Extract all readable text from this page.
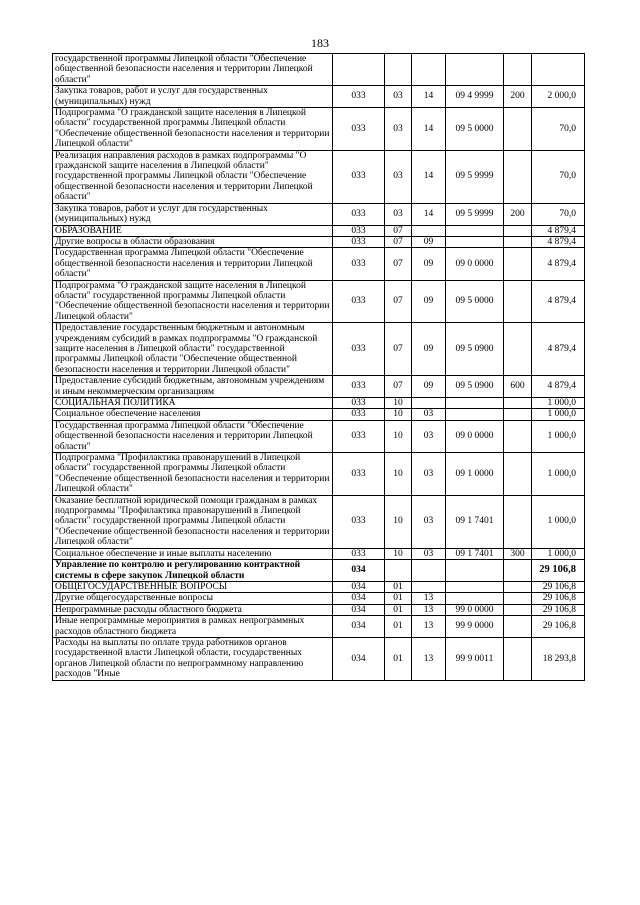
183
государственной программы Липецкой области "Обеспечение общественной безопасности населения и территории Липецкой области"						
Закупка товаров, работ и услуг для государственных (муниципальных) нужд	033	03	14	09 4 9999	200	2 000,0
Подпрограмма "О гражданской защите населения в Липецкой области" государственной программы Липецкой области "Обеспечение общественной безопасности населения и территории Липецкой области"	033	03	14	09 5 0000		70,0
Реализация направления расходов в рамках подпрограммы "О гражданской защите населения в Липецкой области" государственной программы Липецкой области "Обеспечение общественной безопасности населения и территории Липецкой области"	033	03	14	09 5 9999		70,0
Закупка товаров, работ и услуг для государственных (муниципальных) нужд	033	03	14	09 5 9999	200	70,0
ОБРАЗОВАНИЕ	033	07				4 879,4
Другие вопросы в области образования	033	07	09			4 879,4
Государственная программа Липецкой области "Обеспечение общественной безопасности населения и территории Липецкой области"	033	07	09	09 0 0000		4 879,4
Подпрограмма "О гражданской защите населения в Липецкой области" государственной программы Липецкой области "Обеспечение общественной безопасности населения и территории Липецкой области"	033	07	09	09 5 0000		4 879,4
Предоставление государственным бюджетным и автономным учреждениям субсидий в рамках подпрограммы "О гражданской защите населения в Липецкой области" государственной программы Липецкой области "Обеспечение общественной безопасности населения и территории Липецкой области"	033	07	09	09 5 0900		4 879,4
Предоставление субсидий бюджетным, автономным учреждениям и иным некоммерческим организациям	033	07	09	09 5 0900	600	4 879,4
СОЦИАЛЬНАЯ ПОЛИТИКА	033	10				1 000,0
Социальное обеспечение населения	033	10	03			1 000,0
Государственная программа Липецкой области "Обеспечение общественной безопасности населения и территории Липецкой области"	033	10	03	09 0 0000		1 000,0
Подпрограмма "Профилактика правонарушений в Липецкой области" государственной программы Липецкой области "Обеспечение общественной безопасности населения и территории Липецкой области"	033	10	03	09 1 0000		1 000,0
Оказание бесплатной юридической помощи гражданам в рамках подпрограммы "Профилактика правонарушений в Липецкой области" государственной программы Липецкой области "Обеспечение общественной безопасности населения и территории Липецкой области"	033	10	03	09 1 7401		1 000,0
Социальное обеспечение и иные выплаты населению	033	10	03	09 1 7401	300	1 000,0
Управление по контролю и регулированию контрактной системы в сфере закупок Липецкой области	034					29 106,8
ОБЩЕГОСУДАРСТВЕННЫЕ ВОПРОСЫ	034	01				29 106,8
Другие общегосударственные вопросы	034	01	13			29 106,8
Непрограммные расходы областного бюджета	034	01	13	99 0 0000		29 106,8
Иные непрограммные мероприятия в рамках непрограммных расходов областного бюджета	034	01	13	99 9 0000		29 106,8
Расходы на выплаты по оплате труда работников органов государственной власти Липецкой области, государственных органов Липецкой области по непрограммному направлению расходов "Иные	034	01	13	99 9 0011		18 293,8
